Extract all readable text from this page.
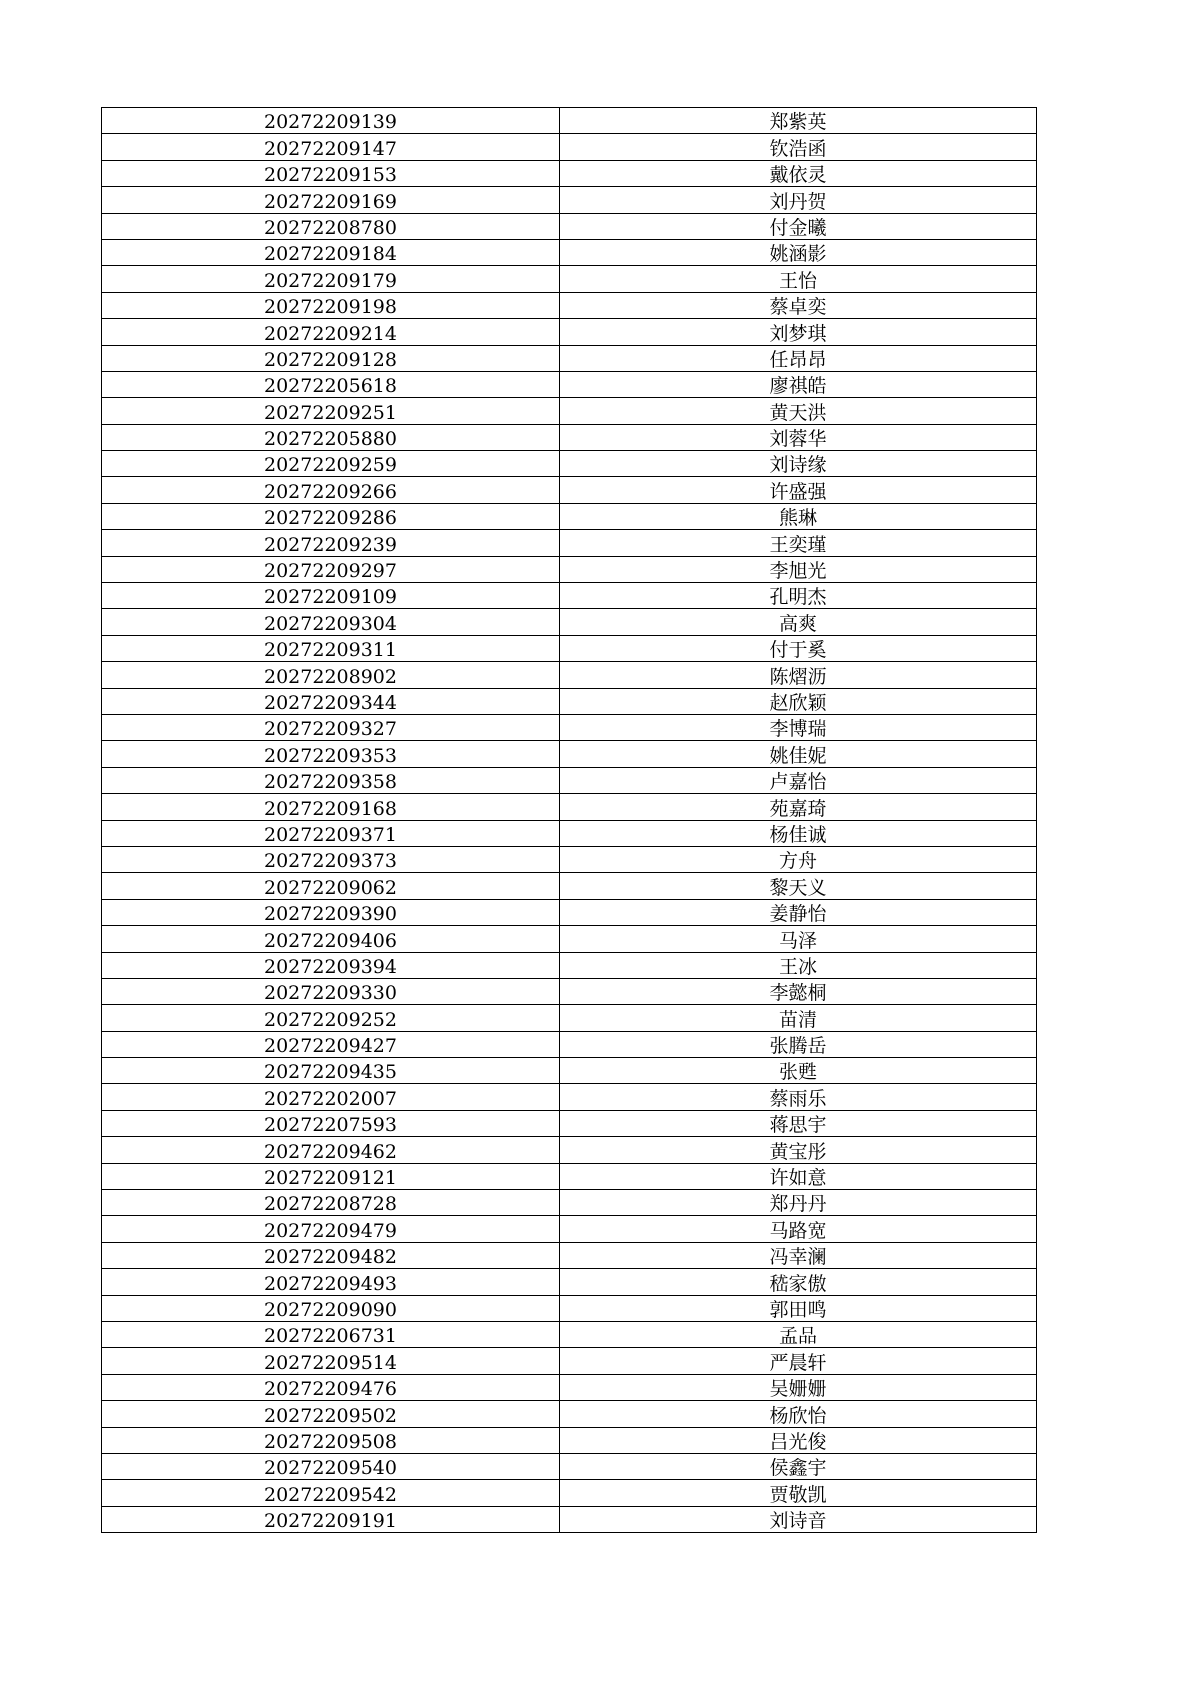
20272209139	郑紫英
20272209147	钦浩函
20272209153	戴依灵
20272209169	刘丹贺
20272208780	付金曦
20272209184	姚涵影
20272209179	王怡
20272209198	蔡卓奕
20272209214	刘梦琪
20272209128	任昂昂
20272205618	廖祺皓
20272209251	黄天洪
20272205880	刘蓉华
20272209259	刘诗缘
20272209266	许盛强
20272209286	熊琳
20272209239	王奕瑾
20272209297	李旭光
20272209109	孔明杰
20272209304	高爽
20272209311	付于奚
20272208902	陈熠沥
20272209344	赵欣颖
20272209327	李博瑞
20272209353	姚佳妮
20272209358	卢嘉怡
20272209168	苑嘉琦
20272209371	杨佳诚
20272209373	方舟
20272209062	黎天义
20272209390	姜静怡
20272209406	马泽
20272209394	王冰
20272209330	李懿桐
20272209252	苗清
20272209427	张腾岳
20272209435	张甦
20272202007	蔡雨乐
20272207593	蒋思宇
20272209462	黄宝彤
20272209121	许如意
20272208728	郑丹丹
20272209479	马路宽
20272209482	冯幸澜
20272209493	嵇家傲
20272209090	郭田鸣
20272206731	孟品
20272209514	严晨轩
20272209476	吴姗姗
20272209502	杨欣怡
20272209508	吕光俊
20272209540	侯鑫宇
20272209542	贾敬凯
20272209191	刘诗音
